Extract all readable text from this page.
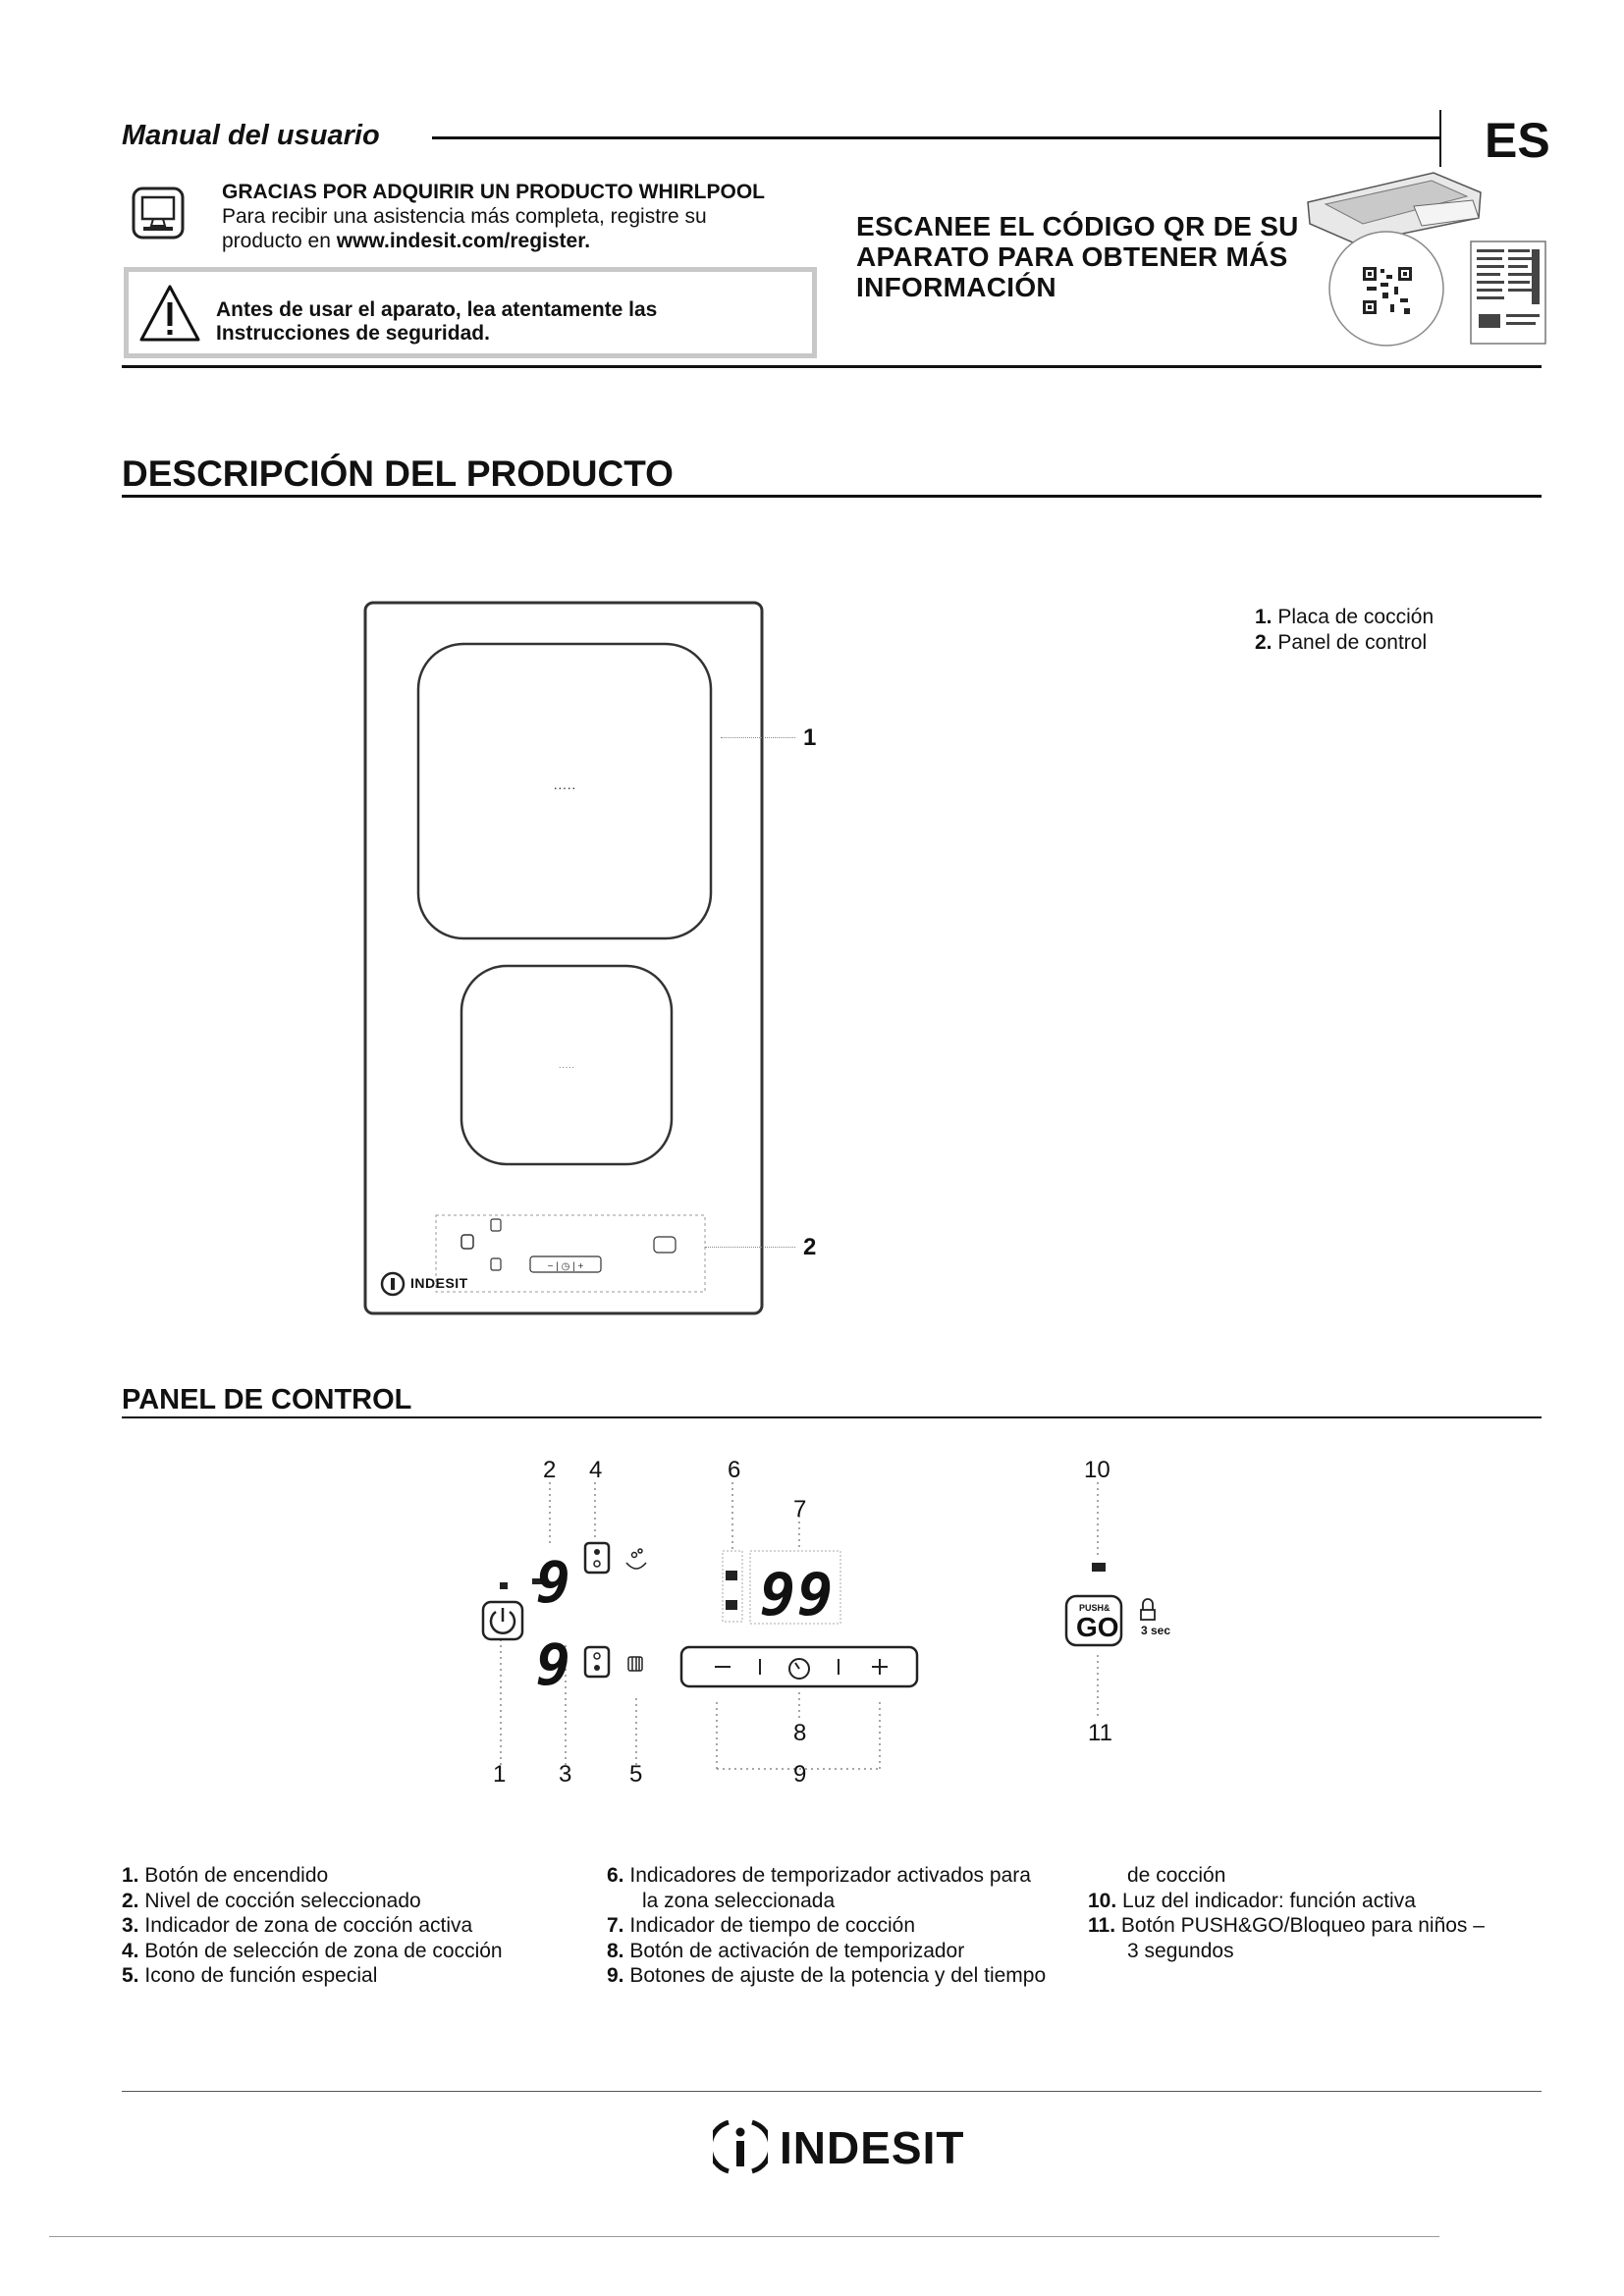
Manual del usuario	ES
GRACIAS POR ADQUIRIR UN PRODUCTO WHIRLPOOL
Para recibir una asistencia más completa, registre su
producto en www.indesit.com/register.
Antes de usar el aparato, lea atentamente las
Instrucciones de seguridad.
ESCANEE EL CÓDIGO QR DE SU
APARATO PARA OBTENER MÁS
INFORMACIÓN
DESCRIPCIÓN DEL PRODUCTO
·····
·····
− | ◷ | +
INDESIT
1
2
1. Placa de cocción
2. Panel de control
PANEL DE CONTROL
9
9
99	PUSH&
GO 3 sec
2 4	6
7
10
8	11
1 3 5	9
1. Botón de encendido
2. Nivel de cocción seleccionado
3. Indicador de zona de cocción activa
4. Botón de selección de zona de cocción
5. Icono de función especial
6. Indicadores de temporizador activados para
la zona seleccionada
7. Indicador de tiempo de cocción
8. Botón de activación de temporizador
9. Botones de ajuste de la potencia y del tiempo
de cocción
10. Luz del indicador: función activa
11. Botón PUSH&GO/Bloqueo para niños –
3 segundos
INDESIT
